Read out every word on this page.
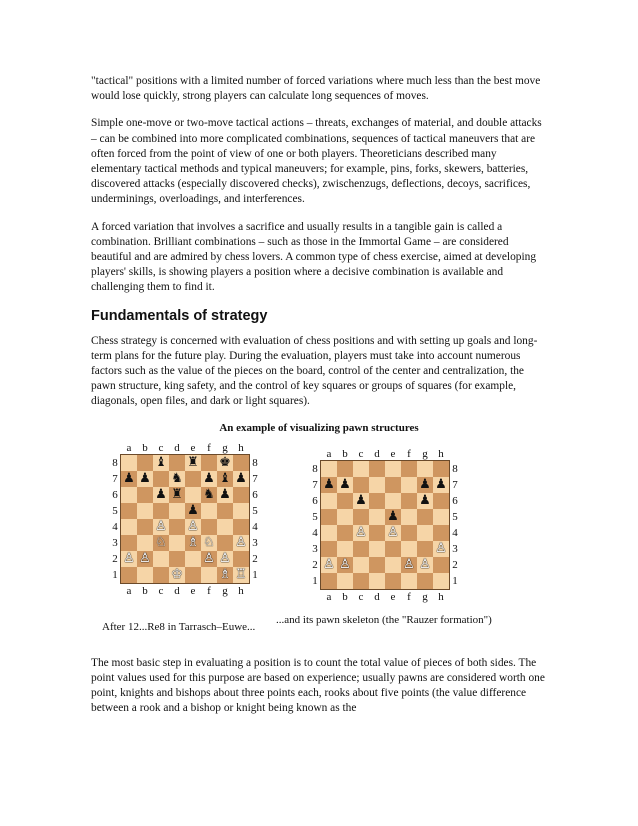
"tactical" positions with a limited number of forced variations where much less than the best move would lose quickly, strong players can calculate long sequences of moves.

Simple one-move or two-move tactical actions – threats, exchanges of material, and double attacks – can be combined into more complicated combinations, sequences of tactical maneuvers that are often forced from the point of view of one or both players. Theoreticians described many elementary tactical methods and typical maneuvers; for example, pins, forks, skewers, batteries, discovered attacks (especially discovered checks), zwischenzugs, deflections, decoys, sacrifices, underminings, overloadings, and interferences.

A forced variation that involves a sacrifice and usually results in a tangible gain is called a combination. Brilliant combinations – such as those in the Immortal Game – are considered beautiful and are admired by chess lovers. A common type of chess exercise, aimed at developing players' skills, is showing players a position where a decisive combination is available and challenging them to find it.

Fundamentals of strategy

Chess strategy is concerned with evaluation of chess positions and with setting up goals and long-term plans for the future play. During the evaluation, players must take into account numerous factors such as the value of the pieces on the board, control of the center and centralization, the pawn structure, king safety, and the control of key squares or groups of squares (for example, diagonals, open files, and dark or light squares).

An example of visualizing pawn structures
a b c d e	f	g h
8
7
6
5
4
3
2
1
♝ ♜ ♚
♟ ♟ ♞ ♟ ♝ ♟
♟ ♜ ♞ ♟
♟
♙ ♙
♘ ♗ ♘ ♙
♙ ♙	♙ ♙
♔	♗ ♖
8
7
6
5
4
3
2
1
a b c d e	f	g h
a b c d e	f	g h
8
7
6
5
4
3
2
1
♟ ♟	♟ ♟
♟	♟
♟
♙ ♙
♙
♙ ♙	♙ ♙
8
7
6
5
4
3
2
1
a b c d e	f	g h
After 12...Re8 in Tarrasch–Euwe...
...and its pawn skeleton (the "Rauzer formation")

The most basic step in evaluating a position is to count the total value of pieces of both sides. The point values used for this purpose are based on experience; usually pawns are considered worth one point, knights and bishops about three points each, rooks about five points (the value difference between a rook and a bishop or knight being known as the
